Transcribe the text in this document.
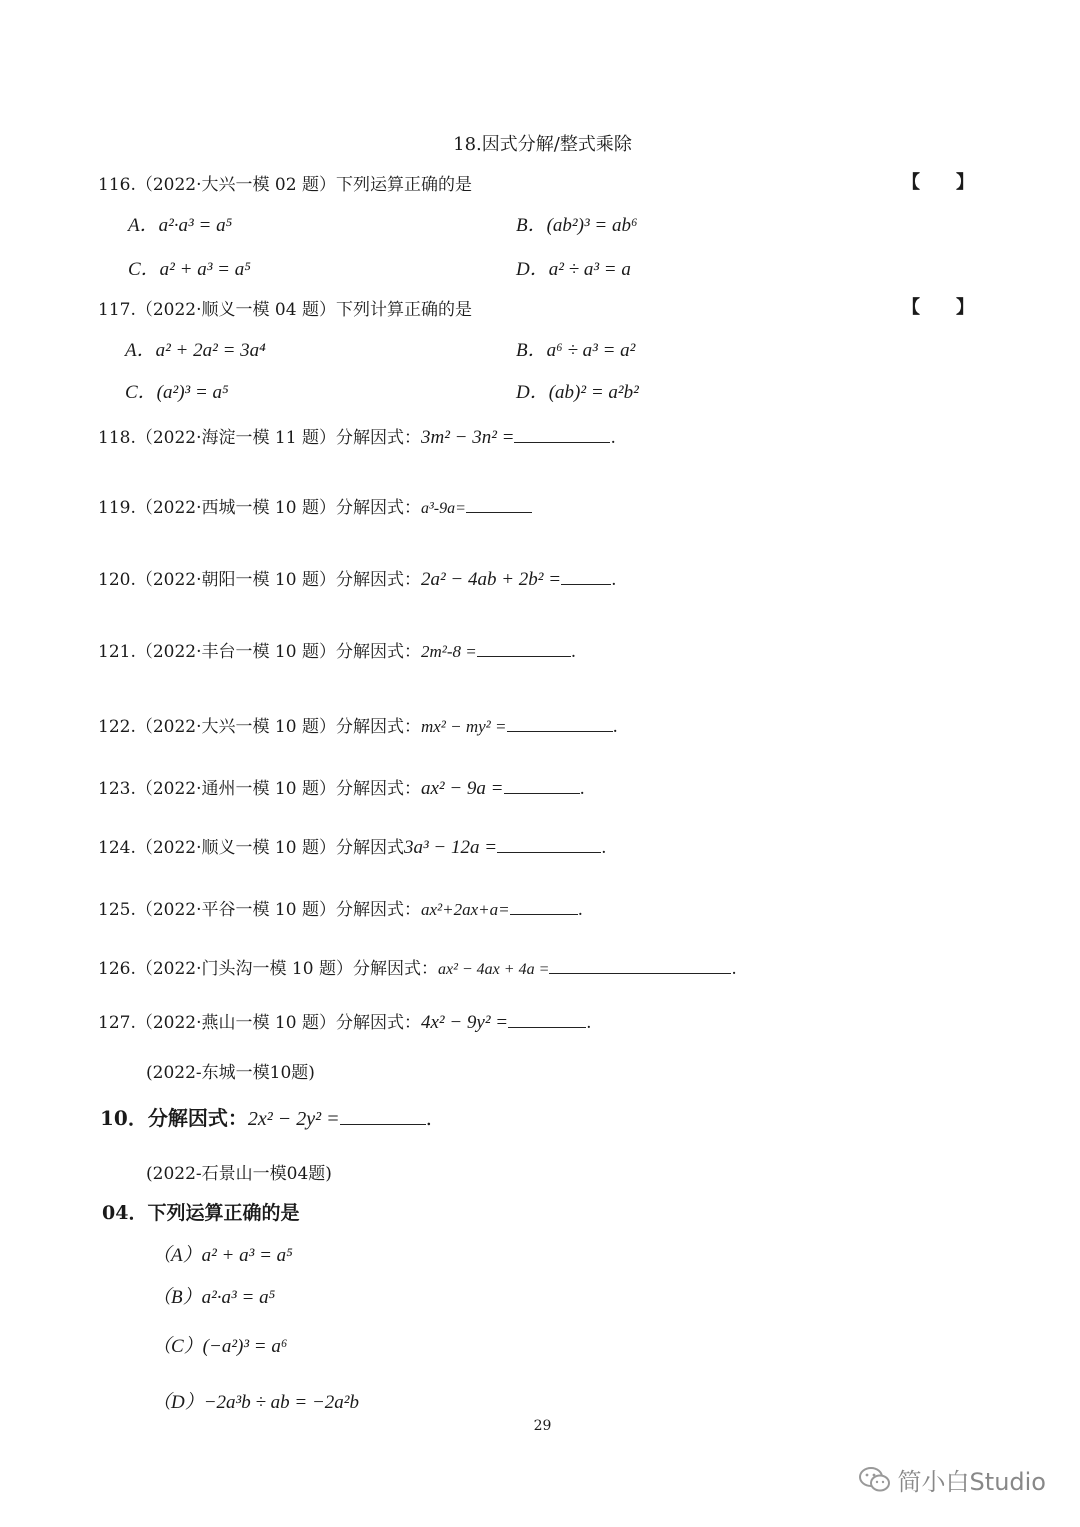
18.因式分解/整式乘除
116.（2022·大兴一模 02 题）下列运算正确的是	【　　】
A．a²·a³ = a⁵	B．(ab²)³ = ab⁶
C．a² + a³ = a⁵	D．a² ÷ a³ = a
117.（2022·顺义一模 04 题）下列计算正确的是	【　　】
A．a² + 2a² = 3a⁴	B．a⁶ ÷ a³ = a²
C．(a²)³ = a⁵	D．(ab)² = a²b²
118.（2022·海淀一模 11 题）分解因式：3m² − 3n² =	.
119.（2022·西城一模 10 题）分解因式：a³-9a=
120.（2022·朝阳一模 10 题）分解因式：2a² − 4ab + 2b² =	.
121.（2022·丰台一模 10 题）分解因式：2m²-8 =	.
122.（2022·大兴一模 10 题）分解因式：mx² − my² =	.
123.（2022·通州一模 10 题）分解因式：ax² − 9a =	.
124.（2022·顺义一模 10 题）分解因式3a³ − 12a =	.
125.（2022·平谷一模 10 题）分解因式：ax²+2ax+a=	.
126.（2022·门头沟一模 10 题）分解因式：ax² − 4ax + 4a =	.
127.（2022·燕山一模 10 题）分解因式：4x² − 9y² =	.
(2022-东城一模10题)
10．分解因式：2x² − 2y² =	.
(2022-石景山一模04题)
04．下列运算正确的是
（A）a² + a³ = a⁵
（B）a²·a³ = a⁵
（C）(−a²)³ = a⁶
（D）−2a³b ÷ ab = −2a²b
29
简小白Studio
